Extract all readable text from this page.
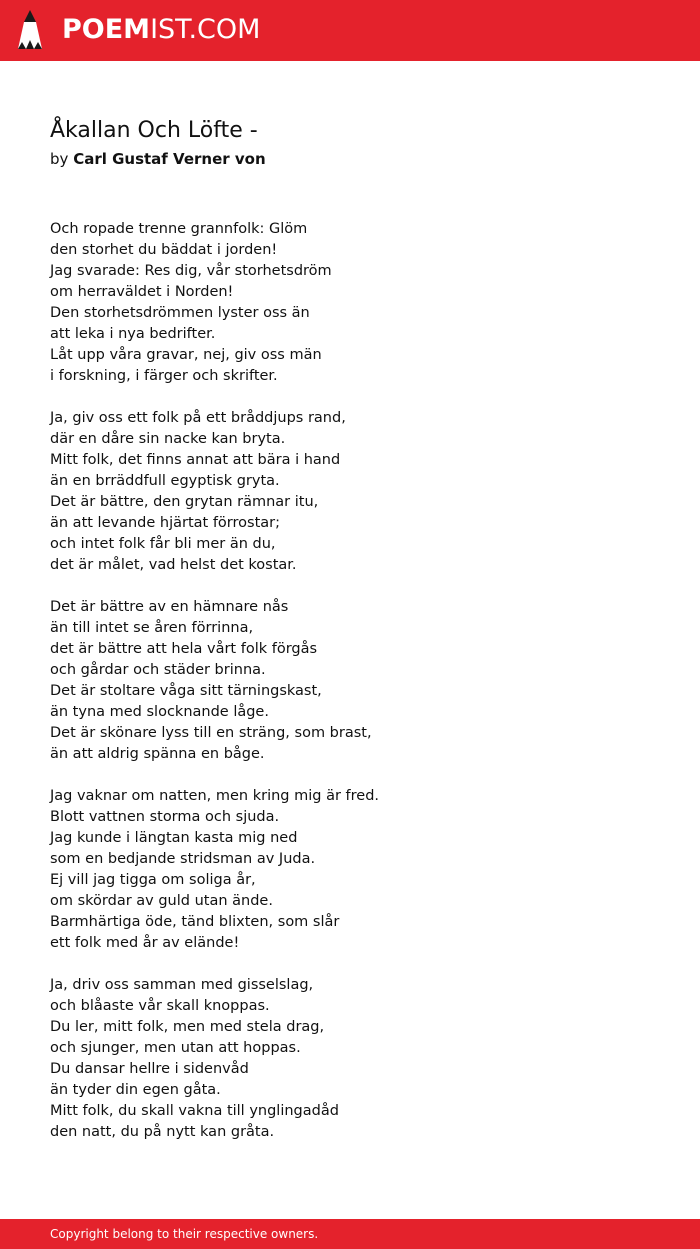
POEMIST.COM
Åkallan Och Löfte -
by Carl Gustaf Verner von
Och ropade trenne grannfolk: Glöm
den storhet du bäddat i jorden!
Jag svarade: Res dig, vår storhetsdröm
om herraväldet i Norden!
Den storhetsdrömmen lyster oss än
att leka i nya bedrifter.
Låt upp våra gravar, nej, giv oss män
i forskning, i färger och skrifter.
Ja, giv oss ett folk på ett bråddjups rand,
där en dåre sin nacke kan bryta.
Mitt folk, det finns annat att bära i hand
än en brräddfull egyptisk gryta.
Det är bättre, den grytan rämnar itu,
än att levande hjärtat förrostar;
och intet folk får bli mer än du,
det är målet, vad helst det kostar.
Det är bättre av en hämnare nås
än till intet se åren förrinna,
det är bättre att hela vårt folk förgås
och gårdar och städer brinna.
Det är stoltare våga sitt tärningskast,
än tyna med slocknande låge.
Det är skönare lyss till en sträng, som brast,
än att aldrig spänna en båge.
Jag vaknar om natten, men kring mig är fred.
Blott vattnen storma och sjuda.
Jag kunde i längtan kasta mig ned
som en bedjande stridsman av Juda.
Ej vill jag tigga om soliga år,
om skördar av guld utan ände.
Barmhärtiga öde, tänd blixten, som slår
ett folk med år av elände!
Ja, driv oss samman med gisselslag,
och blåaste vår skall knoppas.
Du ler, mitt folk, men med stela drag,
och sjunger, men utan att hoppas.
Du dansar hellre i sidenvåd
än tyder din egen gåta.
Mitt folk, du skall vakna till ynglingadåd
den natt, du på nytt kan gråta.
Copyright belong to their respective owners.
